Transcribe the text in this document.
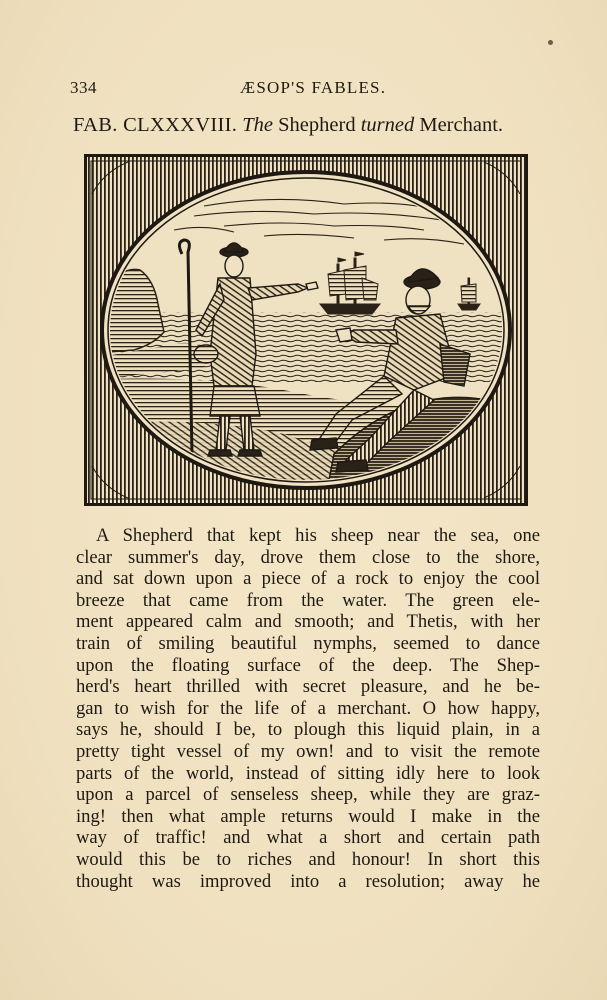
334	ÆSOP'S FABLES.
FAB. CLXXXVIII. The Shepherd turned Merchant.
A Shepherd that kept his sheep near the sea, one
clear summer's day, drove them close to the shore,
and sat down upon a piece of a rock to enjoy the cool
breeze that came from the water. The green ele-
ment appeared calm and smooth; and Thetis, with her
train of smiling beautiful nymphs, seemed to dance
upon the floating surface of the deep. The Shep-
herd's heart thrilled with secret pleasure, and he be-
gan to wish for the life of a merchant. O how happy,
says he, should I be, to plough this liquid plain, in a
pretty tight vessel of my own! and to visit the remote
parts of the world, instead of sitting idly here to look
upon a parcel of senseless sheep, while they are graz-
ing! then what ample returns would I make in the
way of traffic! and what a short and certain path
would this be to riches and honour! In short this
thought was improved into a resolution; away he
